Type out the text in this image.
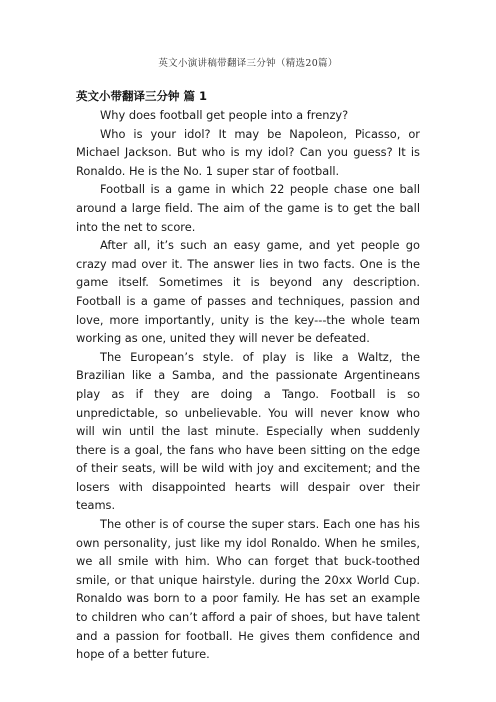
英文小演讲稿带翻译三分钟（精选20篇）
英文小带翻译三分钟 篇 1

Why does football get people into a frenzy?

Who is your idol? It may be Napoleon, Picasso, or Michael Jackson. But who is my idol? Can you guess? It is Ronaldo. He is the No. 1 super star of football.

Football is a game in which 22 people chase one ball around a large field. The aim of the game is to get the ball into the net to score.

After all, it’s such an easy game, and yet people go crazy mad over it. The answer lies in two facts. One is the game itself. Sometimes it is beyond any description. Football is a game of passes and techniques, passion and love, more importantly, unity is the key---the whole team working as one, united they will never be defeated.

The European’s style. of play is like a Waltz, the Brazilian like a Samba, and the passionate Argentineans play as if they are doing a Tango. Football is so unpredictable, so unbelievable. You will never know who will win until the last minute. Especially when suddenly there is a goal, the fans who have been sitting on the edge of their seats, will be wild with joy and excitement; and the losers with disappointed hearts will despair over their teams.

The other is of course the super stars. Each one has his own personality, just like my idol Ronaldo. When he smiles, we all smile with him. Who can forget that buck-toothed smile, or that unique hairstyle. during the 20xx World Cup. Ronaldo was born to a poor family. He has set an example to children who can’t afford a pair of shoes, but have talent and a passion for football. He gives them confidence and hope of a better future.
